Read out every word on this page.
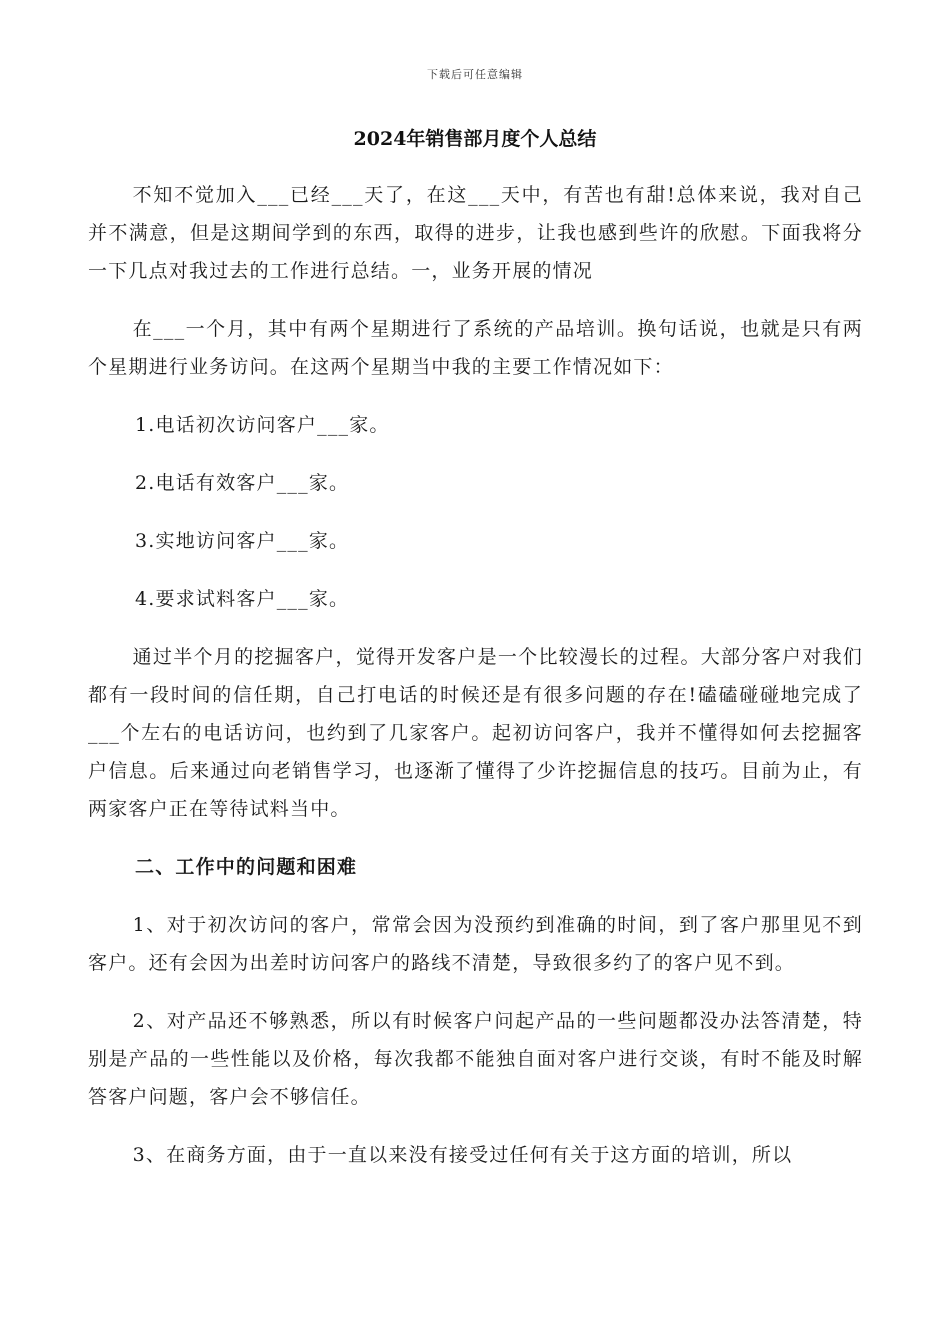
下载后可任意编辑
2024年销售部月度个人总结

不知不觉加入___已经___天了，在这___天中，有苦也有甜!总体来说，我对自己并不满意，但是这期间学到的东西，取得的进步，让我也感到些许的欣慰。下面我将分一下几点对我过去的工作进行总结。一，业务开展的情况

在___一个月，其中有两个星期进行了系统的产品培训。换句话说，也就是只有两个星期进行业务访问。在这两个星期当中我的主要工作情况如下：

1.电话初次访问客户___家。

2.电话有效客户___家。

3.实地访问客户___家。

4.要求试料客户___家。

通过半个月的挖掘客户，觉得开发客户是一个比较漫长的过程。大部分客户对我们都有一段时间的信任期，自己打电话的时候还是有很多问题的存在!磕磕碰碰地完成了___个左右的电话访问，也约到了几家客户。起初访问客户，我并不懂得如何去挖掘客户信息。后来通过向老销售学习，也逐渐了懂得了少许挖掘信息的技巧。目前为止，有两家客户正在等待试料当中。

二、工作中的问题和困难

1、对于初次访问的客户，常常会因为没预约到准确的时间，到了客户那里见不到客户。还有会因为出差时访问客户的路线不清楚，导致很多约了的客户见不到。

2、对产品还不够熟悉，所以有时候客户问起产品的一些问题都没办法答清楚，特别是产品的一些性能以及价格，每次我都不能独自面对客户进行交谈，有时不能及时解答客户问题，客户会不够信任。

3、在商务方面，由于一直以来没有接受过任何有关于这方面的培训，所以
